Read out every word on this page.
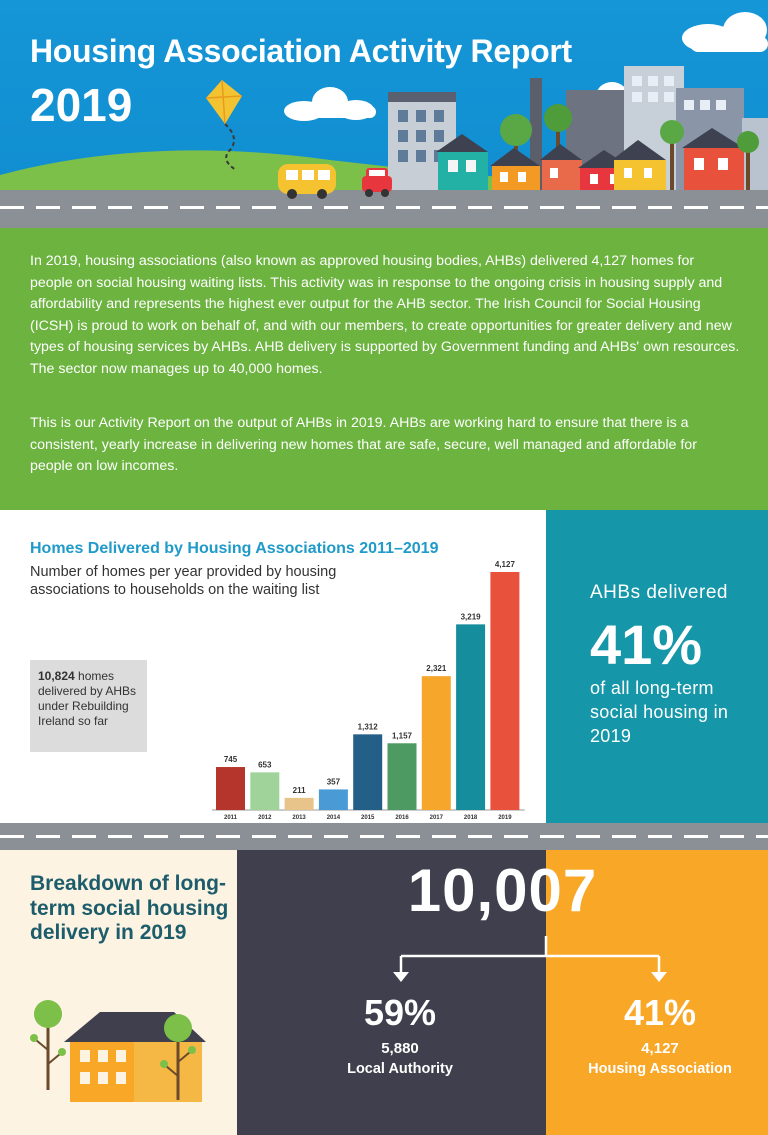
Housing Association Activity Report
2019

In 2019, housing associations (also known as approved housing bodies, AHBs) delivered 4,127 homes for people on social housing waiting lists. This activity was in response to the ongoing crisis in housing supply and affordability and represents the highest ever output for the AHB sector. The Irish Council for Social Housing (ICSH) is proud to work on behalf of, and with our members, to create opportunities for greater delivery and new types of housing services by AHBs. AHB delivery is supported by Government funding and AHBs' own resources. The sector now manages up to 40,000 homes.

This is our Activity Report on the output of AHBs in 2019. AHBs are working hard to ensure that there is a consistent, yearly increase in delivering new homes that are safe, secure, well managed and affordable for people on low incomes.

745
2011
653
2012
211
2013
357
2014
1,312
2015
1,157
2016
2,321
2017
3,219
2018
4,127
2019
Homes Delivered by Housing Associations 2011–2019
Number of homes per year provided by housing associations to households on the waiting list
10,824 homes delivered by AHBs under Rebuilding Ireland so far
AHBs delivered
41%
of all long-term social housing in 2019
Breakdown of long-term social housing delivery in 2019
10,007
59%
5,880
Local Authority
41%
4,127
Housing Association
